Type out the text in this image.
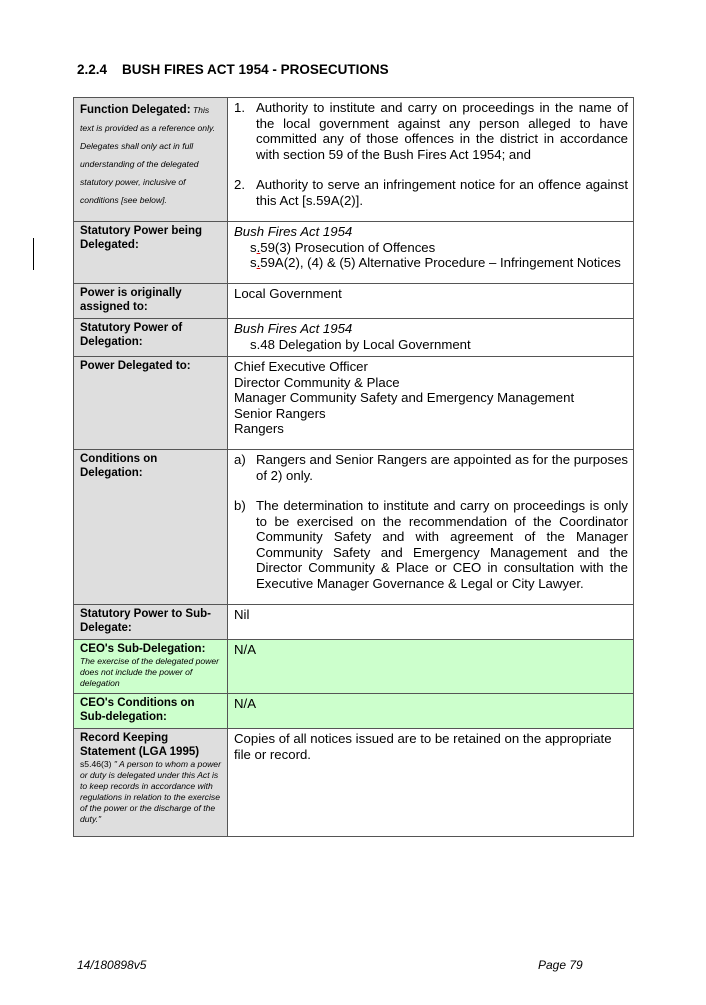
2.2.4 BUSH FIRES ACT 1954 - PROSECUTIONS
Function Delegated: This text is provided as a reference only. Delegates shall only act in full understanding of the delegated statutory power, inclusive of conditions [see below].	1. Authority to institute and carry on proceedings in the name of the local government against any person alleged to have committed any of those offences in the district in accordance with section 59 of the Bush Fires Act 1954; and
2. Authority to serve an infringement notice for an offence against this Act [s.59A(2)].

Statutory Power being Delegated:	Bush Fires Act 1954
s.59(3) Prosecution of Offences
s.59A(2), (4) & (5) Alternative Procedure – Infringement Notices

Power is originally assigned to:	Local Government

Statutory Power of Delegation:	Bush Fires Act 1954
s.48 Delegation by Local Government

Power Delegated to:	Chief Executive Officer
Director Community & Place
Manager Community Safety and Emergency Management
Senior Rangers
Rangers

Conditions on Delegation:	a) Rangers and Senior Rangers are appointed as for the purposes of 2) only.
b) The determination to institute and carry on proceedings is only to be exercised on the recommendation of the Coordinator Community Safety and with agreement of the Manager Community Safety and Emergency Management and the Director Community & Place or CEO in consultation with the Executive Manager Governance & Legal or City Lawyer.

Statutory Power to Sub-Delegate:	Nil

CEO's Sub-Delegation:
The exercise of the delegated power does not include the power of delegation	N/A

CEO's Conditions on Sub-delegation:	N/A

Record Keeping Statement (LGA 1995)
s5.46(3) " A person to whom a power or duty is delegated under this Act is to keep records in accordance with regulations in relation to the exercise of the power or the discharge of the duty."	Copies of all notices issued are to be retained on the appropriate file or record.
14/180898v5	Page 79
